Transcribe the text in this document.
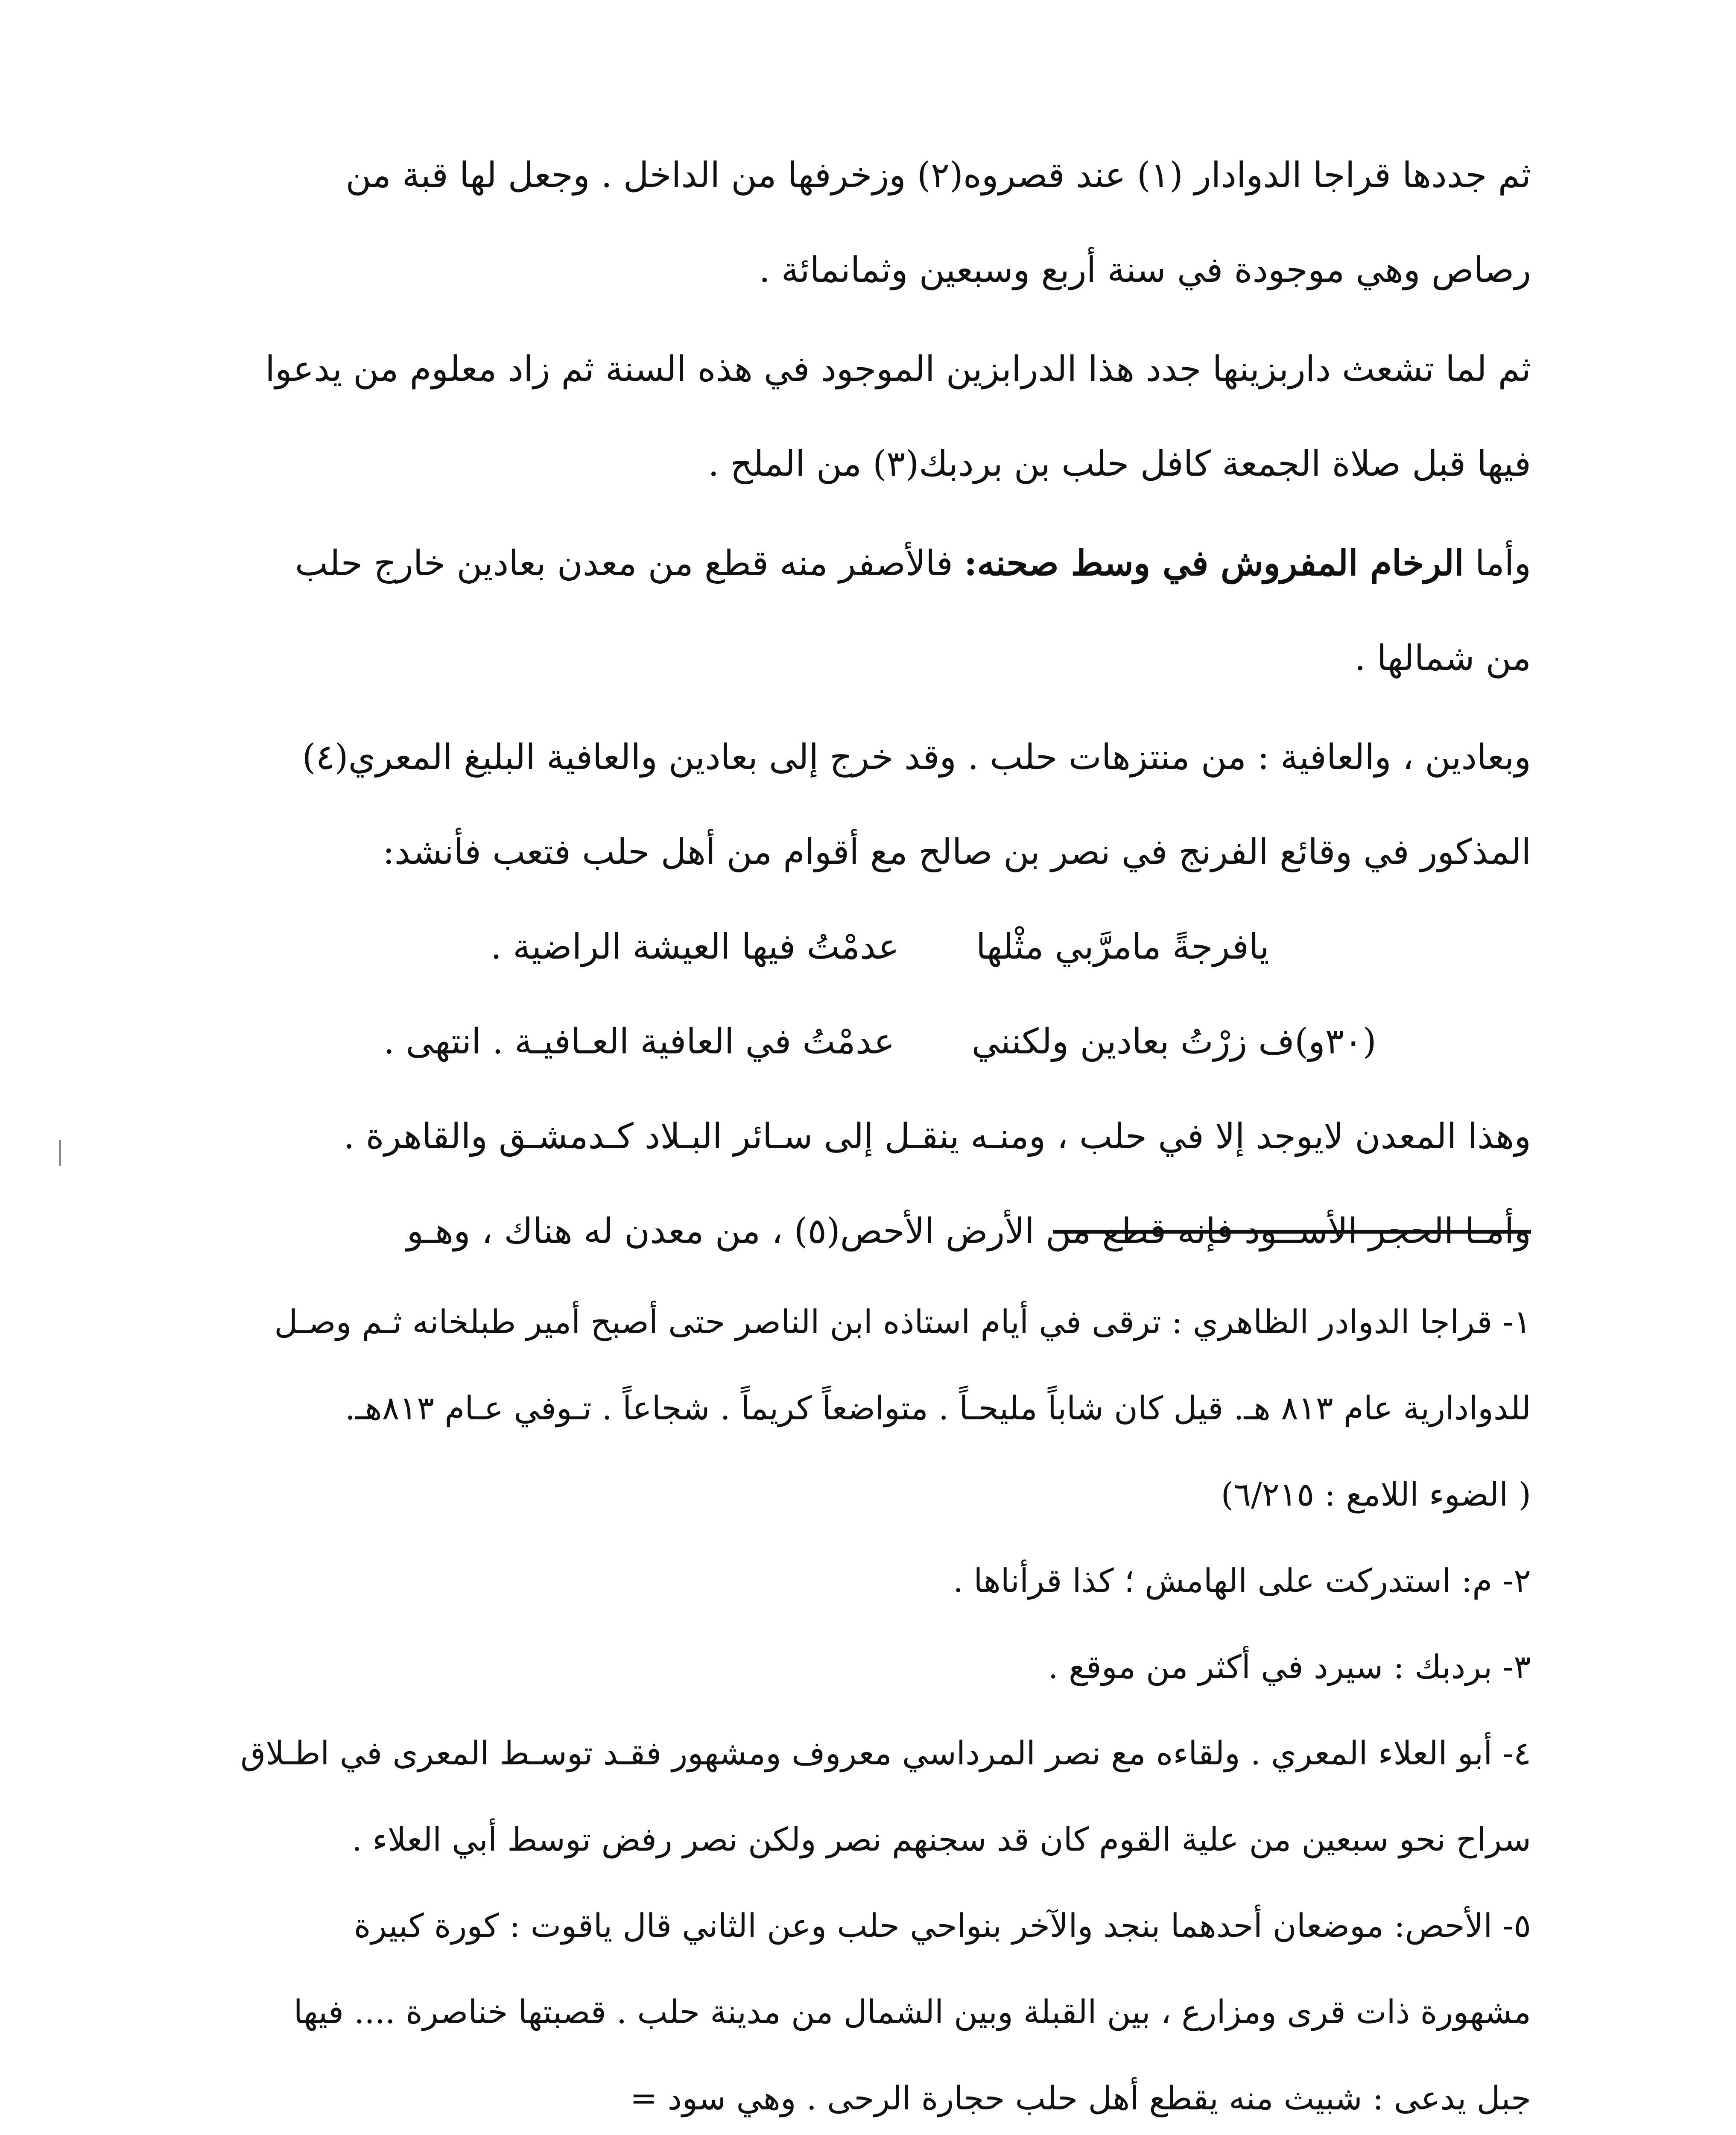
ثم جددها قراجا الدوادار (١) عند قصروه(٢) وزخرفها من الداخل . وجعل لها قبة من
رصاص وهي موجودة في سنة أربع وسبعين وثمانمائة .

ثم لما تشعث داربزينها جدد هذا الدرابزين الموجود في هذه السنة ثم زاد معلوم من يدعوا
فيها قبل صلاة الجمعة كافل حلب بن بردبك(٣) من الملح .

وأما الرخام المفروش في وسط صحنه: فالأصفر منه قطع من معدن بعادين خارج حلب
من شمالها .

وبعادين ، والعافية : من منتزهات حلب . وقد خرج إلى بعادين والعافية البليغ المعري(٤)
المذكور في وقائع الفرنج في نصر بن صالح مع أقوام من أهل حلب فتعب فأنشد:

يافرجةً مامرَّبي مثْلهاعدمْتُ فيها العيشة الراضية .
(٣٠و)ف زرْتُ بعادين ولكننيعدمْتُ في العافية العـافيـة . انتهى .

وهذا المعدن لايوجد إلا في حلب ، ومنـه ينقـل إلى سـائر البـلاد كـدمشـق والقاهرة .

وأمـا الحجر الأســود فإنه قطع من الأرض الأحص(٥) ، من معدن له هناك ، وهـو

١- قراجا الدوادر الظاهري : ترقى في أيام استاذه ابن الناصر حتى أصبح أمير طبلخانه ثـم وصـل
للدوادارية عام ٨١٣ هـ. قيل كان شاباً مليحـاً . متواضعاً كريماً . شجاعاً . تـوفي عـام ٨١٣هـ.
( الضوء اللامع : ٦/٢١٥)

٢- م: استدركت على الهامش ؛ كذا قرأناها .

٣- بردبك : سيرد في أكثر من موقع .

٤- أبو العلاء المعري . ولقاءه مع نصر المرداسي معروف ومشهور فقـد توسـط المعرى في اطـلاق
سراح نحو سبعين من علية القوم كان قد سجنهم نصر ولكن نصر رفض توسط أبي العلاء .

٥- الأحص: موضعان أحدهما بنجد والآخر بنواحي حلب وعن الثاني قال ياقوت : كورة كبيرة
مشهورة ذات قرى ومزارع ، بين القبلة وبين الشمال من مدينة حلب . قصبتها خناصرة .... فيها
جبل يدعى : شبيث منه يقطع أهل حلب حجارة الرحى . وهي سود =
